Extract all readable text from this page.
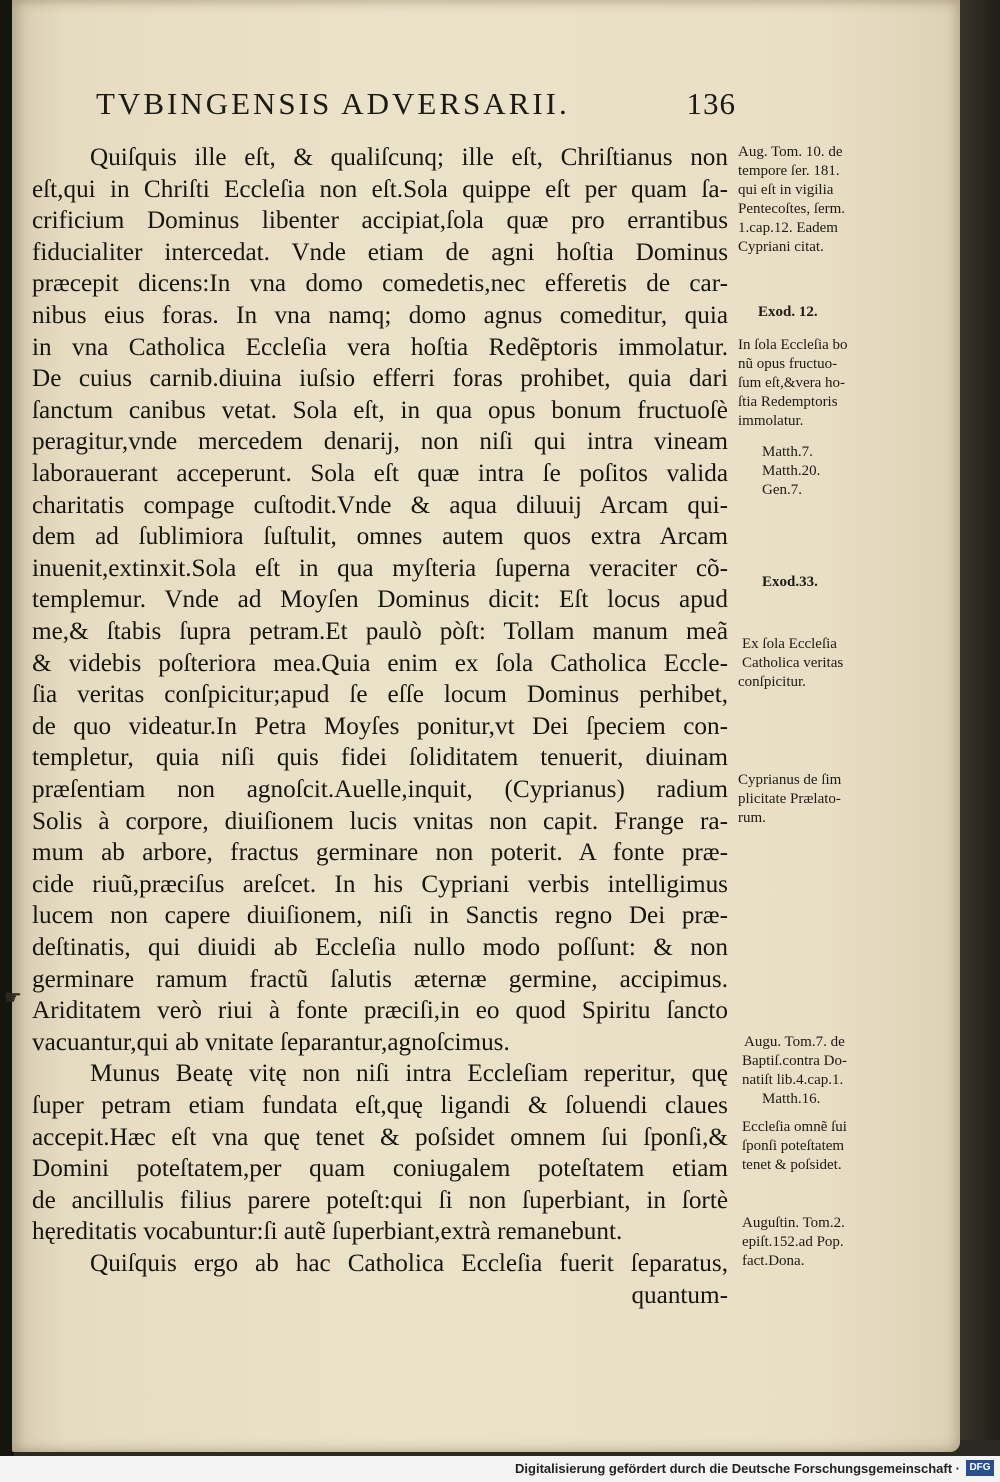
TVBINGENSIS ADVERSARII.	136
Quiſquis ille eſt, & qualiſcunq; ille eſt, Chriſtianus non
eſt,qui in Chriſti Eccleſia non eſt.Sola quippe eſt per quam ſa-
crificium Dominus libenter accipiat,ſola quæ pro errantibus
fiducialiter intercedat. Vnde etiam de agni hoſtia Dominus
præcepit dicens:In vna domo comedetis,nec efferetis de car-
nibus eius foras. In vna namq; domo agnus comeditur, quia
in vna Catholica Eccleſia vera hoſtia Redẽptoris immolatur.
De cuius carnib.diuina iuſsio efferri foras prohibet, quia dari
ſanctum canibus vetat. Sola eſt, in qua opus bonum fructuoſè
peragitur,vnde mercedem denarij, non niſi qui intra vineam
laborauerant acceperunt. Sola eſt quæ intra ſe poſitos valida
charitatis compage cuſtodit.Vnde & aqua diluuij Arcam qui-
dem ad ſublimiora ſuſtulit, omnes autem quos extra Arcam
inuenit,extinxit.Sola eſt in qua myſteria ſuperna veraciter cõ-
templemur. Vnde ad Moyſen Dominus dicit: Eſt locus apud
me,& ſtabis ſupra petram.Et paulò pòſt: Tollam manum meã
& videbis poſteriora mea.Quia enim ex ſola Catholica Eccle-
ſia veritas conſpicitur;apud ſe eſſe locum Dominus perhibet,
de quo videatur.In Petra Moyſes ponitur,vt Dei ſpeciem con-
templetur, quia niſi quis fidei ſoliditatem tenuerit, diuinam
præſentiam non agnoſcit.Auelle,inquit, (Cyprianus) radium
Solis à corpore, diuiſionem lucis vnitas non capit. Frange ra-
mum ab arbore, fractus germinare non poterit. A fonte præ-
cide riuũ,præciſus areſcet. In his Cypriani verbis intelligimus
lucem non capere diuiſionem, niſi in Sanctis regno Dei præ-
deſtinatis, qui diuidi ab Eccleſia nullo modo poſſunt: & non
germinare ramum fractũ ſalutis æternæ germine, accipimus.
Ariditatem verò riui à fonte præciſi,in eo quod Spiritu ſancto
vacuantur,qui ab vnitate ſeparantur,agnoſcimus.
Munus Beatę vitę non niſi intra Eccleſiam reperitur, quę
ſuper petram etiam fundata eſt,quę ligandi & ſoluendi claues
accepit.Hæc eſt vna quę tenet & poſsidet omnem ſui ſponſi,&
Domini poteſtatem,per quam coniugalem poteſtatem etiam
de ancillulis filius parere poteſt:qui ſi non ſuperbiant, in ſortè
hęreditatis vocabuntur:ſi autẽ ſuperbiant,extrà remanebunt.
Quiſquis ergo ab hac Catholica Eccleſia fuerit ſeparatus,
quantum-
Aug. Tom. 10. de
tempore ſer. 181.
qui eſt in vigilia
Pentecoſtes, ſerm.
1.cap.12. Eadem
Cypriani citat.
Exod. 12.
In ſola Eccleſia bo
nũ opus fructuo-
ſum eſt,&vera ho-
ſtia Redemptoris
immolatur.
Matth.7.
Matth.20.
Gen.7.
Exod.33.
Ex ſola Eccleſia
Catholica veritas
conſpicitur.
Cyprianus de ſim
plicitate Prælato-
rum.
Augu. Tom.7. de
Baptiſ.contra Do-
natiſt lib.4.cap.1.
Matth.16.
Eccleſia omnẽ ſui
ſponſi poteſtatem
tenet & poſsidet.
Auguſtin. Tom.2.
epiſt.152.ad Pop.
fact.Dona.
☛
Digitalisierung gefördert durch die Deutsche Forschungsgemeinschaft · DFG
